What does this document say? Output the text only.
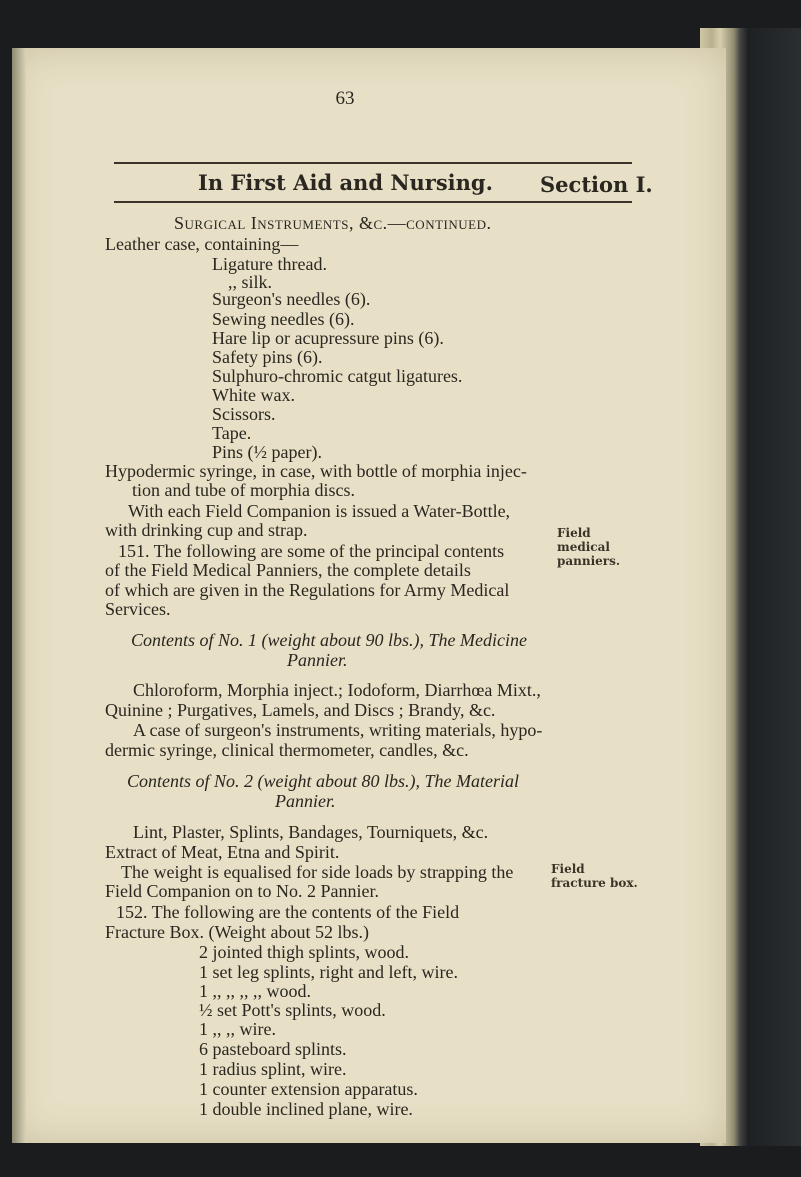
63
In First Aid and Nursing. Section I.
Surgical Instruments, &c.—continued.
Leather case, containing—
Ligature thread.
,, silk.
Surgeon's needles (6).
Sewing needles (6).
Hare lip or acupressure pins (6).
Safety pins (6).
Sulphuro-chromic catgut ligatures.
White wax.
Scissors.
Tape.
Pins (½ paper).
Hypodermic syringe, in case, with bottle of morphia injec-
tion and tube of morphia discs.
With each Field Companion is issued a Water-Bottle,
with drinking cup and strap.
151. The following are some of the principal contents
of the Field Medical Panniers, the complete details
of which are given in the Regulations for Army Medical
Services.
Contents of No. 1 (weight about 90 lbs.), The Medicine
Pannier.
Chloroform, Morphia inject.; Iodoform, Diarrhœa Mixt.,
Quinine ; Purgatives, Lamels, and Discs ; Brandy, &c.
A case of surgeon's instruments, writing materials, hypo-
dermic syringe, clinical thermometer, candles, &c.
Contents of No. 2 (weight about 80 lbs.), The Material
Pannier.
Lint, Plaster, Splints, Bandages, Tourniquets, &c.
Extract of Meat, Etna and Spirit.
The weight is equalised for side loads by strapping the
Field Companion on to No. 2 Pannier.
152. The following are the contents of the Field
Fracture Box. (Weight about 52 lbs.)
2 jointed thigh splints, wood.
1 set leg splints, right and left, wire.
1 ,, ,, ,, ,, wood.
½ set Pott's splints, wood.
1 ,, ,, wire.
6 pasteboard splints.
1 radius splint, wire.
1 counter extension apparatus.
1 double inclined plane, wire.
Field
medical
panniers.
Field
fracture box.
